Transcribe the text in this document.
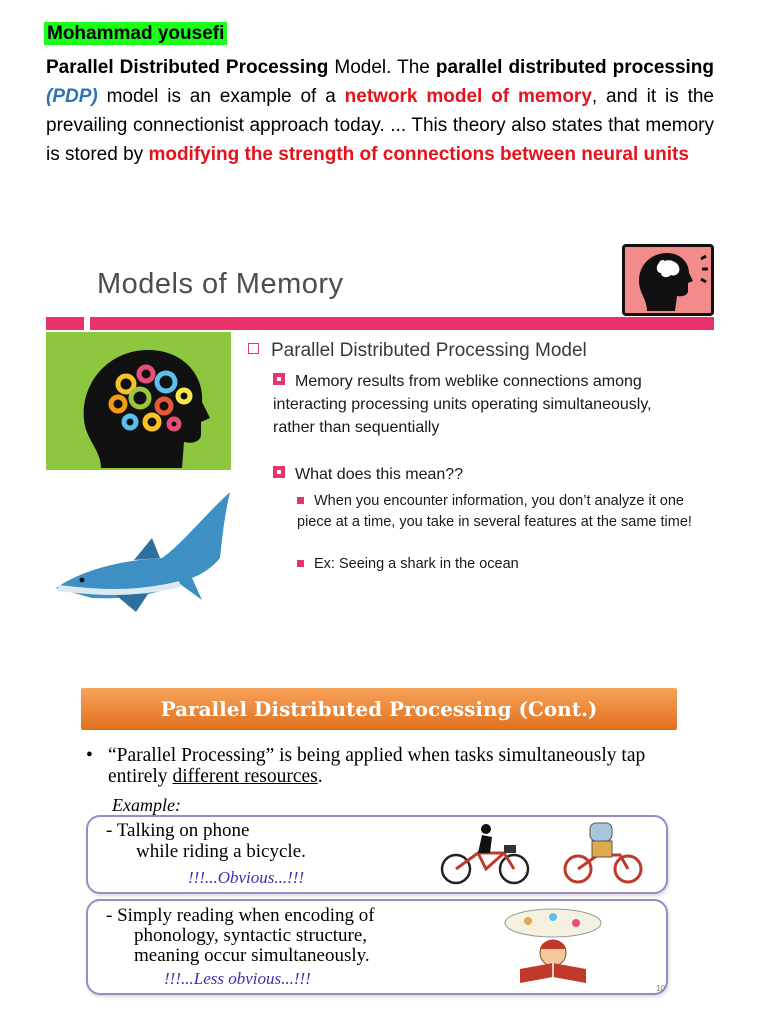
Mohammad yousefi
Parallel Distributed Processing Model. The parallel distributed processing (PDP) model is an example of a network model of memory, and it is the prevailing connectionist approach today. ... This theory also states that memory is stored by modifying the strength of connections between neural units
Models of Memory
Parallel Distributed Processing Model
Memory results from weblike connections among interacting processing units operating simultaneously, rather than sequentially
What does this mean??
When you encounter information, you don’t analyze it one piece at a time, you take in several features at the same time!
Ex: Seeing a shark in the ocean
Parallel Distributed Processing (Cont.)
• “Parallel Processing” is being applied when tasks simultaneously tap entirely different resources.
Example:
- Talking on phone
while riding a bicycle.
!!!...Obvious...!!!
- Simply reading when encoding of
phonology, syntactic structure,
meaning occur simultaneously.
!!!...Less obvious...!!!
10
